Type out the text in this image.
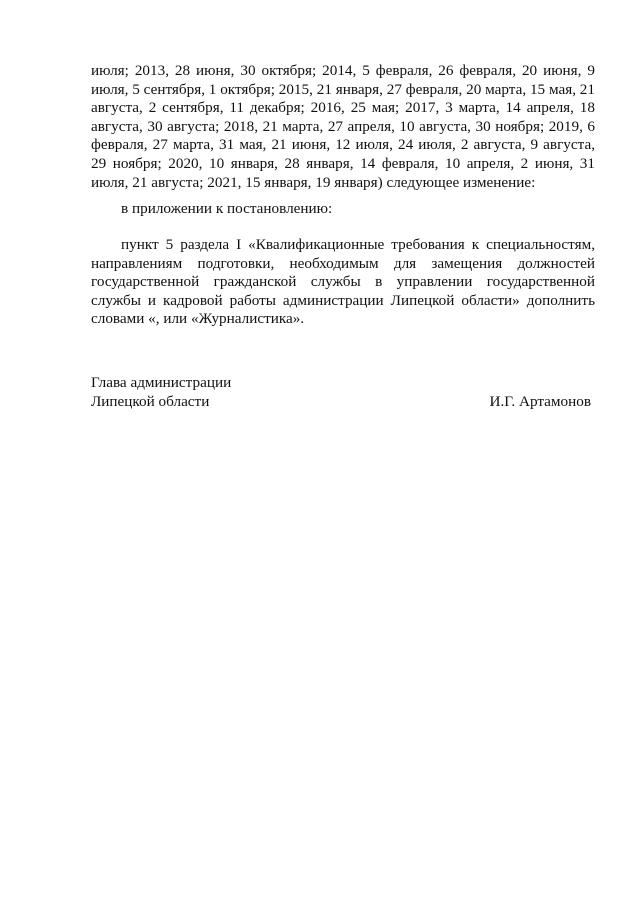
июля; 2013, 28 июня, 30 октября; 2014, 5 февраля, 26 февраля, 20 июня, 9 июля, 5 сентября, 1 октября; 2015, 21 января, 27 февраля, 20 марта, 15 мая, 21 августа, 2 сентября, 11 декабря; 2016, 25 мая; 2017, 3 марта, 14 апреля, 18 августа, 30 августа; 2018, 21 марта, 27 апреля, 10 августа, 30 ноября; 2019, 6 февраля, 27 марта, 31 мая, 21 июня, 12 июля, 24 июля, 2 августа, 9 августа, 29 ноября; 2020, 10 января, 28 января, 14 февраля, 10 апреля, 2 июня, 31 июля, 21 августа; 2021, 15 января, 19 января) следующее изменение:

в приложении к постановлению:

пункт 5 раздела I «Квалификационные требования к специальностям, направлениям подготовки, необходимым для замещения должностей государственной гражданской службы в управлении государственной службы и кадровой работы администрации Липецкой области» дополнить словами «, или «Журналистика».

Глава администрации
Липецкой области	И.Г. Артамонов
